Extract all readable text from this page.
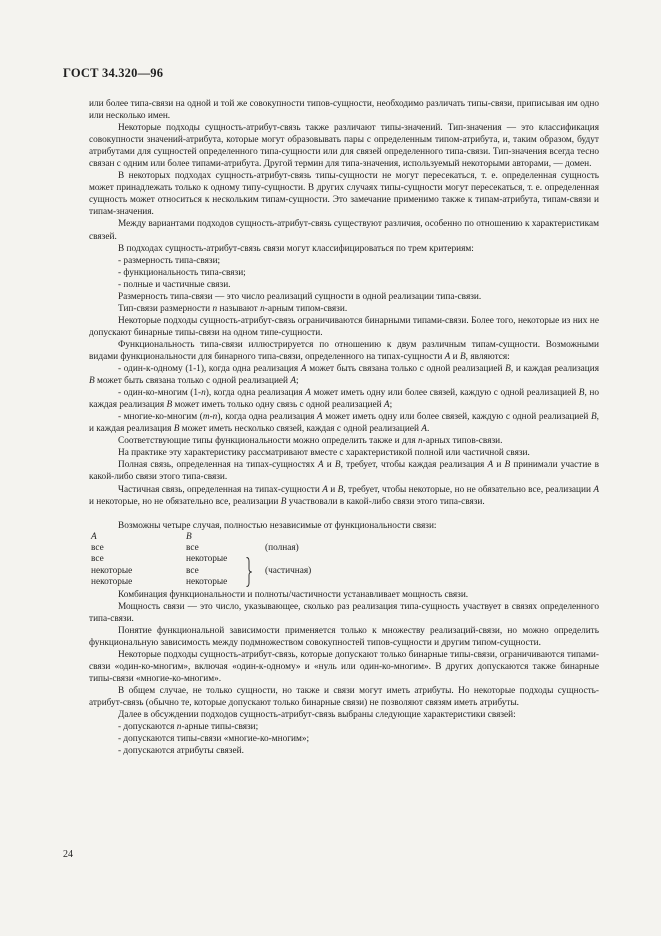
ГОСТ 34.320—96

или более типа-связи на одной и той же совокупности типов-сущности, необходимо различать типы-связи, приписывая им одно или несколько имен.

Некоторые подходы сущность-атрибут-связь также различают типы-значений. Тип-значения — это классификация совокупности значений-атрибута, которые могут образовывать пары с определенным типом-атрибута, и, таким образом, будут атрибутами для сущностей определенного типа-сущности или для связей определенного типа-связи. Тип-значения всегда тесно связан с одним или более типами-атрибута. Другой термин для типа-значения, используемый некоторыми авторами, — домен.

В некоторых подходах сущность-атрибут-связь типы-сущности не могут пересекаться, т. е. определенная сущность может принадлежать только к одному типу-сущности. В других случаях типы-сущности могут пересекаться, т. е. определенная сущность может относиться к нескольким типам-сущности. Это замечание применимо также к типам-атрибута, типам-связи и типам-значения.

Между вариантами подходов сущность-атрибут-связь существуют различия, особенно по отношению к характеристикам связей.

В подходах сущность-атрибут-связь связи могут классифицироваться по трем критериям:

- размерность типа-связи;

- функциональность типа-связи;

- полные и частичные связи.

Размерность типа-связи — это число реализаций сущности в одной реализации типа-связи.

Тип-связи размерности n называют n-арным типом-связи.

Некоторые подходы сущность-атрибут-связь ограничиваются бинарными типами-связи. Более того, некоторые из них не допускают бинарные типы-связи на одном типе-сущности.

Функциональность типа-связи иллюстрируется по отношению к двум различным типам-сущности. Возможными видами функциональности для бинарного типа-связи, определенного на типах-сущности A и B, являются:

- один-к-одному (1-1), когда одна реализация A может быть связана только с одной реализацией B, и каждая реализация B может быть связана только с одной реализацией A;

- один-ко-многим (1-n), когда одна реализация A может иметь одну или более связей, каждую с одной реализацией B, но каждая реализация B может иметь только одну связь с одной реализацией A;

- многие-ко-многим (m-n), когда одна реализация A может иметь одну или более связей, каждую с одной реализацией B, и каждая реализация B может иметь несколько связей, каждая с одной реализацией A.

Соответствующие типы функциональности можно определить также и для n-арных типов-связи.

На практике эту характеристику рассматривают вместе с характеристикой полной или частичной связи.

Полная связь, определенная на типах-сущностях A и B, требует, чтобы каждая реализация A и B принимали участие в какой-либо связи этого типа-связи.

Частичная связь, определенная на типах-сущности A и B, требует, чтобы некоторые, но не обязательно все, реализации A и некоторые, но не обязательно все, реализации B участвовали в какой-либо связи этого типа-связи.

Возможны четыре случая, полностью независимые от функциональности связи:

A	B		
все	все		(полная)
все	некоторые	

некоторые	все		(частичная)
некоторые	некоторые		

Комбинация функциональности и полноты/частичности устанавливает мощность связи.

Мощность связи — это число, указывающее, сколько раз реализация типа-сущность участвует в связях определенного типа-связи.

Понятие функциональной зависимости применяется только к множеству реализаций-связи, но можно определить функциональную зависимость между подмножеством совокупностей типов-сущности и другим типом-сущности.

Некоторые подходы сущность-атрибут-связь, которые допускают только бинарные типы-связи, ограничиваются типами-связи «один-ко-многим», включая «один-к-одному» и «нуль или один-ко-многим». В других допускаются также бинарные типы-связи «многие-ко-многим».

В общем случае, не только сущности, но также и связи могут иметь атрибуты. Но некоторые подходы сущность-атрибут-связь (обычно те, которые допускают только бинарные связи) не позволяют связям иметь атрибуты.

Далее в обсуждении подходов сущность-атрибут-связь выбраны следующие характеристики связей:

- допускаются n-арные типы-связи;

- допускаются типы-связи «многие-ко-многим»;

- допускаются атрибуты связей.

24
